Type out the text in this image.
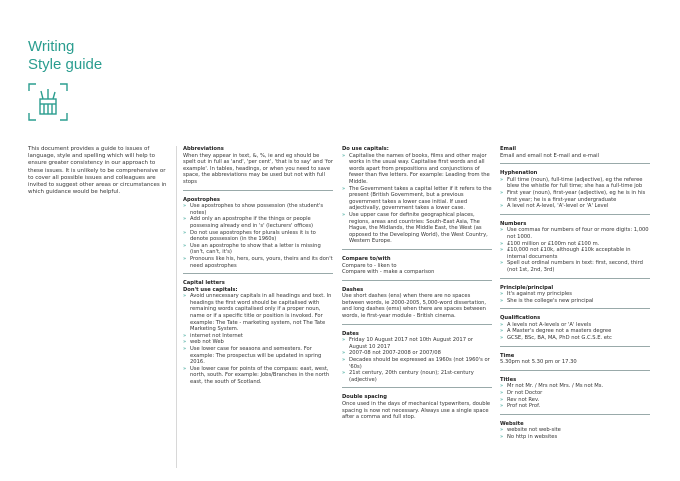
Writing
Style guide
This document provides a guide to issues of language, style and spelling which will help to ensure greater consistency in our approach to these issues. It is unlikely to be comprehensive or to cover all possible issues and colleagues are invited to suggest other areas or circumstances in which guidance would be helpful.
Abbreviations
When they appear in text, &, %, ie and eg should be spelt out in full as 'and', 'per cent', 'that is to say' and 'for example'. In tables, headings, or when you need to save space, the abbreviations may be used but not with full stops
Apostrophes
» Use apostrophes to show possession (the student's notes)
» Add only an apostrophe if the things or people possessing already end in 's' (lecturers' offices)
» Do not use apostrophes for plurals unless it is to denote possession (in the 1960s)
» Use an apostrophe to show that a letter is missing (isn't, can't, it's)
» Pronouns like his, hers, ours, yours, theirs and its don't need apostrophes
Capital letters
Don't use capitals:
» Avoid unnecessary capitals in all headings and text. In headings the first word should be capitalised with remaining words capitalised only if a proper noun, name or if a specific title or position is invoked. For example: The Tate - marketing system, not The Tate Marketing System.
» internet not Internet
» web not Web
» Use lower case for seasons and semesters. For example: The prospectus will be updated in spring 2016.
» Use lower case for points of the compass: east, west, north, south. For example: Jobs/Branches in the north east, the south of Scotland.
Do use capitals:
» Capitalise the names of books, films and other major works in the usual way. Capitalise first words and all words apart from prepositions and conjunctions of fewer than five letters. For example: Leading from the Middle.
» The Government takes a capital letter if it refers to the present (British Government, but a previous government takes a lower case initial. If used adjectivally, government takes a lower case.
» Use upper case for definite geographical places, regions, areas and countries: South-East Asia, The Hague, the Midlands, the Middle East, the West (as opposed to the Developing World), the West Country, Western Europe.
Compare to/with
Compare to - liken to
Compare with - make a comparison
Dashes
Use short dashes (ens) when there are no spaces between words, ie 2000-2005, 5,000-word dissertation, and long dashes (ems) when there are spaces between words, ie first-year module - British cinema.
Dates
» Friday 10 August 2017 not 10th August 2017 or August 10 2017
» 2007-08 not 2007-2008 or 2007/08
» Decades should be expressed as 1960s (not 1960's or '60s)
» 21st century, 20th century (noun); 21st-century (adjective)
Double spacing
Once used in the days of mechanical typewriters, double spacing is now not necessary. Always use a single space after a comma and full stop.
Email
Email and email not E-mail and e-mail
Hyphenation
» Full time (noun), full-time (adjective), eg the referee blew the whistle for full time; she has a full-time job
» First year (noun), first-year (adjective), eg he is in his first year; he is a first-year undergraduate
» A level not A-level, 'A'-level or 'A' Level
Numbers
» Use commas for numbers of four or more digits: 1,000 not 1000.
» £100 million or £100m not £100 m.
» £10,000 not £10k, although £10k acceptable in internal documents
» Spell out ordinal numbers in text: first, second, third (not 1st, 2nd, 3rd)
Principle/principal
» It's against my principles
» She is the college's new principal
Qualifications
» A levels not A-levels or 'A' levels
» A Master's degree not a masters degree
» GCSE, BSc, BA, MA, PhD not G.C.S.E. etc
Time
5.30pm not 5.30 pm or 17.30
Titles
» Mr not Mr. / Mrs not Mrs. / Ms not Ms.
» Dr not Doctor
» Rev not Rev.
» Prof not Prof.
Website
» website not web-site
» No http in websites
